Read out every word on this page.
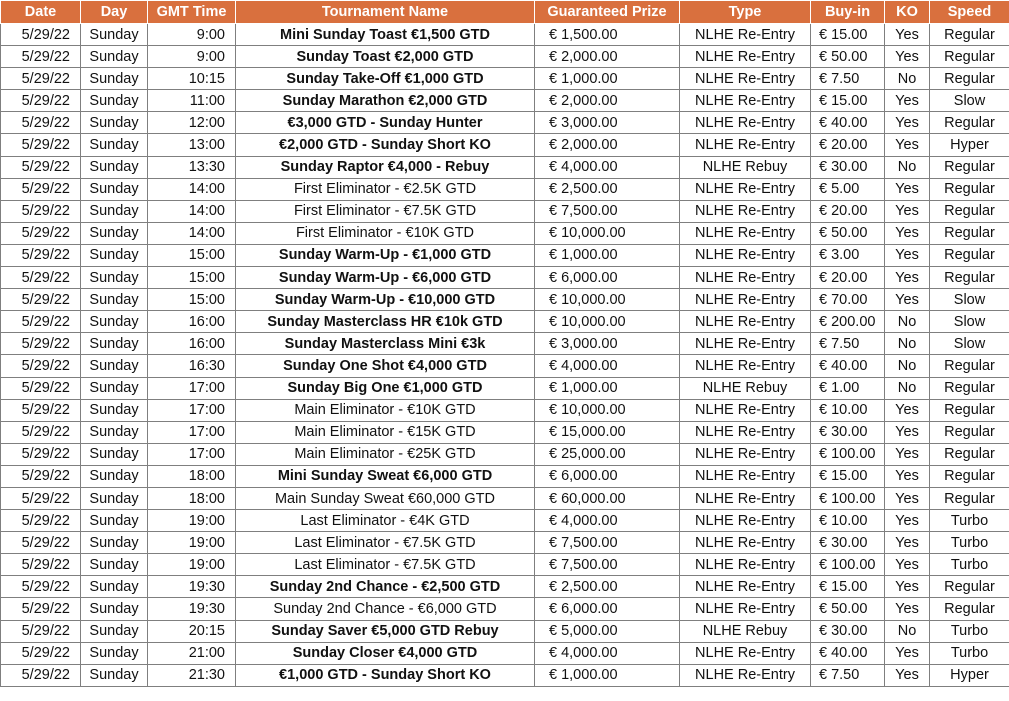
Date	Day	GMT Time	Tournament Name	Guaranteed Prize	Type	Buy-in	KO	Speed
5/29/22	Sunday	9:00	Mini Sunday Toast €1,500 GTD	€ 1,500.00	NLHE Re-Entry	€ 15.00	Yes	Regular
5/29/22	Sunday	9:00	Sunday Toast €2,000 GTD	€ 2,000.00	NLHE Re-Entry	€ 50.00	Yes	Regular
5/29/22	Sunday	10:15	Sunday Take-Off €1,000 GTD	€ 1,000.00	NLHE Re-Entry	€ 7.50	No	Regular
5/29/22	Sunday	11:00	Sunday Marathon €2,000 GTD	€ 2,000.00	NLHE Re-Entry	€ 15.00	Yes	Slow
5/29/22	Sunday	12:00	€3,000 GTD - Sunday Hunter	€ 3,000.00	NLHE Re-Entry	€ 40.00	Yes	Regular
5/29/22	Sunday	13:00	€2,000 GTD - Sunday Short KO	€ 2,000.00	NLHE Re-Entry	€ 20.00	Yes	Hyper
5/29/22	Sunday	13:30	Sunday Raptor €4,000 - Rebuy	€ 4,000.00	NLHE Rebuy	€ 30.00	No	Regular
5/29/22	Sunday	14:00	First Eliminator - €2.5K GTD	€ 2,500.00	NLHE Re-Entry	€ 5.00	Yes	Regular
5/29/22	Sunday	14:00	First Eliminator - €7.5K GTD	€ 7,500.00	NLHE Re-Entry	€ 20.00	Yes	Regular
5/29/22	Sunday	14:00	First Eliminator - €10K GTD	€ 10,000.00	NLHE Re-Entry	€ 50.00	Yes	Regular
5/29/22	Sunday	15:00	Sunday Warm-Up - €1,000 GTD	€ 1,000.00	NLHE Re-Entry	€ 3.00	Yes	Regular
5/29/22	Sunday	15:00	Sunday Warm-Up - €6,000 GTD	€ 6,000.00	NLHE Re-Entry	€ 20.00	Yes	Regular
5/29/22	Sunday	15:00	Sunday Warm-Up - €10,000 GTD	€ 10,000.00	NLHE Re-Entry	€ 70.00	Yes	Slow
5/29/22	Sunday	16:00	Sunday Masterclass HR €10k GTD	€ 10,000.00	NLHE Re-Entry	€ 200.00	No	Slow
5/29/22	Sunday	16:00	Sunday Masterclass Mini €3k	€ 3,000.00	NLHE Re-Entry	€ 7.50	No	Slow
5/29/22	Sunday	16:30	Sunday One Shot €4,000 GTD	€ 4,000.00	NLHE Re-Entry	€ 40.00	No	Regular
5/29/22	Sunday	17:00	Sunday Big One €1,000 GTD	€ 1,000.00	NLHE Rebuy	€ 1.00	No	Regular
5/29/22	Sunday	17:00	Main Eliminator - €10K GTD	€ 10,000.00	NLHE Re-Entry	€ 10.00	Yes	Regular
5/29/22	Sunday	17:00	Main Eliminator - €15K GTD	€ 15,000.00	NLHE Re-Entry	€ 30.00	Yes	Regular
5/29/22	Sunday	17:00	Main Eliminator - €25K GTD	€ 25,000.00	NLHE Re-Entry	€ 100.00	Yes	Regular
5/29/22	Sunday	18:00	Mini Sunday Sweat €6,000 GTD	€ 6,000.00	NLHE Re-Entry	€ 15.00	Yes	Regular
5/29/22	Sunday	18:00	Main Sunday Sweat €60,000 GTD	€ 60,000.00	NLHE Re-Entry	€ 100.00	Yes	Regular
5/29/22	Sunday	19:00	Last Eliminator - €4K GTD	€ 4,000.00	NLHE Re-Entry	€ 10.00	Yes	Turbo
5/29/22	Sunday	19:00	Last Eliminator - €7.5K GTD	€ 7,500.00	NLHE Re-Entry	€ 30.00	Yes	Turbo
5/29/22	Sunday	19:00	Last Eliminator - €7.5K GTD	€ 7,500.00	NLHE Re-Entry	€ 100.00	Yes	Turbo
5/29/22	Sunday	19:30	Sunday 2nd Chance - €2,500 GTD	€ 2,500.00	NLHE Re-Entry	€ 15.00	Yes	Regular
5/29/22	Sunday	19:30	Sunday 2nd Chance - €6,000 GTD	€ 6,000.00	NLHE Re-Entry	€ 50.00	Yes	Regular
5/29/22	Sunday	20:15	Sunday Saver €5,000 GTD Rebuy	€ 5,000.00	NLHE Rebuy	€ 30.00	No	Turbo
5/29/22	Sunday	21:00	Sunday Closer €4,000 GTD	€ 4,000.00	NLHE Re-Entry	€ 40.00	Yes	Turbo
5/29/22	Sunday	21:30	€1,000 GTD - Sunday Short KO	€ 1,000.00	NLHE Re-Entry	€ 7.50	Yes	Hyper
